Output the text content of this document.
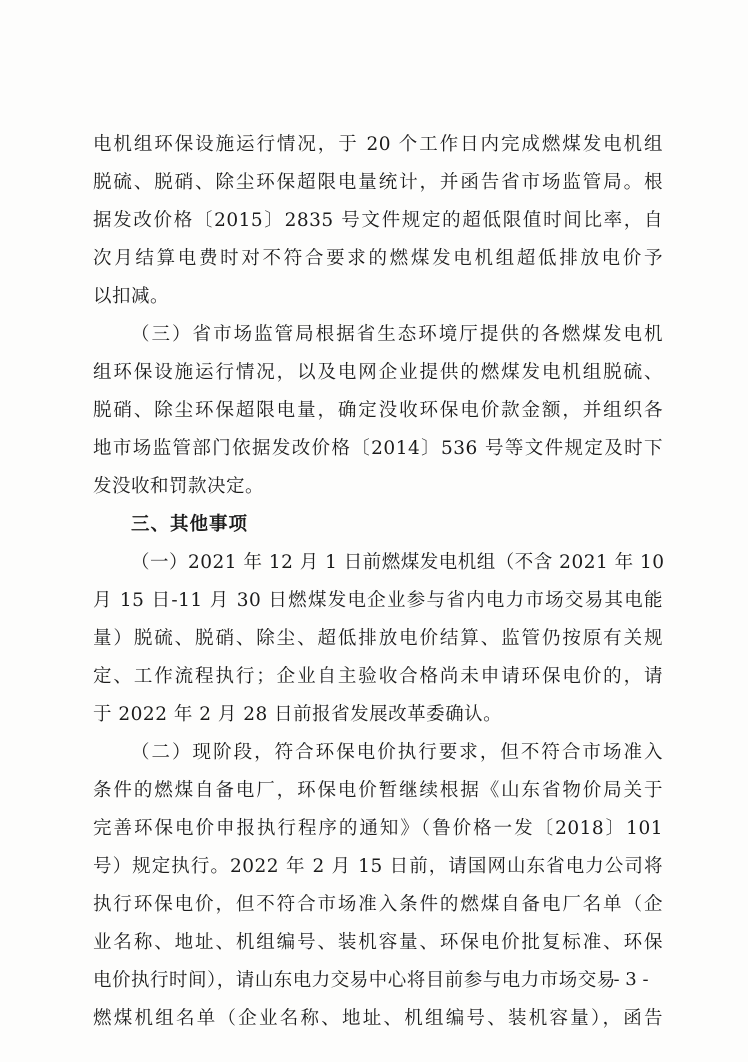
电机组环保设施运行情况，于 20 个工作日内完成燃煤发电机组
脱硫、脱硝、除尘环保超限电量统计，并函告省市场监管局。根
据发改价格〔2015〕2835 号文件规定的超低限值时间比率，自
次月结算电费时对不符合要求的燃煤发电机组超低排放电价予
以扣减。
（三）省市场监管局根据省生态环境厅提供的各燃煤发电机
组环保设施运行情况，以及电网企业提供的燃煤发电机组脱硫、
脱硝、除尘环保超限电量，确定没收环保电价款金额，并组织各
地市场监管部门依据发改价格〔2014〕536 号等文件规定及时下
发没收和罚款决定。
三、其他事项
（一）2021 年 12 月 1 日前燃煤发电机组（不含 2021 年 10
月 15 日-11 月 30 日燃煤发电企业参与省内电力市场交易其电能
量）脱硫、脱硝、除尘、超低排放电价结算、监管仍按原有关规
定、工作流程执行；企业自主验收合格尚未申请环保电价的，请
于 2022 年 2 月 28 日前报省发展改革委确认。
（二）现阶段，符合环保电价执行要求，但不符合市场准入
条件的燃煤自备电厂，环保电价暂继续根据《山东省物价局关于
完善环保电价申报执行程序的通知》（鲁价格一发〔2018〕101
号）规定执行。2022 年 2 月 15 日前，请国网山东省电力公司将
执行环保电价，但不符合市场准入条件的燃煤自备电厂名单（企
业名称、地址、机组编号、装机容量、环保电价批复标准、环保
电价执行时间），请山东电力交易中心将目前参与电力市场交易
燃煤机组名单（企业名称、地址、机组编号、装机容量），函告
- 3 -
